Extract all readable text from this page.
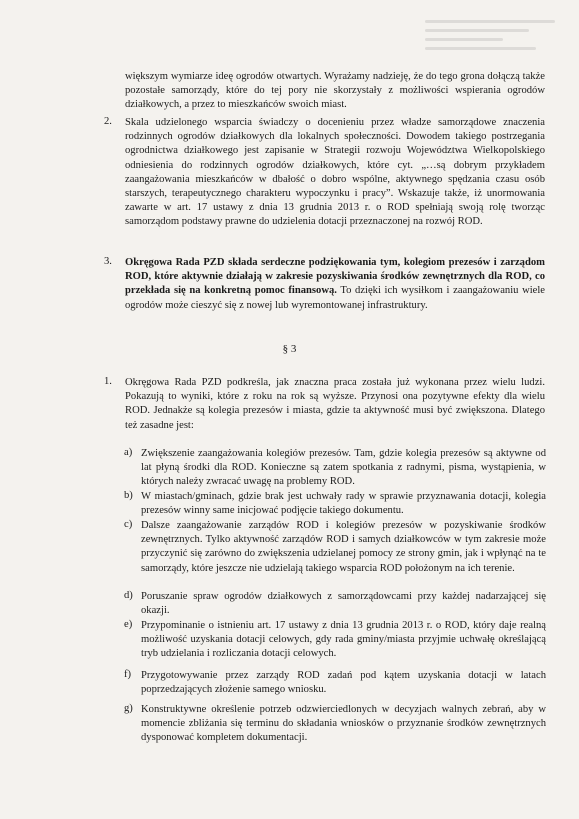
większym wymiarze ideę ogrodów otwartych. Wyrażamy nadzieję, że do tego grona dołączą także pozostałe samorządy, które do tej pory nie skorzystały z możliwości wspierania ogrodów działkowych, a przez to mieszkańców swoich miast.
2. Skala udzielonego wsparcia świadczy o docenieniu przez władze samorządowe znaczenia rodzinnych ogrodów działkowych dla lokalnych społeczności. Dowodem takiego postrzegania ogrodnictwa działkowego jest zapisanie w Strategii rozwoju Województwa Wielkopolskiego odniesienia do rodzinnych ogrodów działkowych, które cyt. „…są dobrym przykładem zaangażowania mieszkańców w dbałość o dobro wspólne, aktywnego spędzania czasu osób starszych, terapeutycznego charakteru wypoczynku i pracy”. Wskazuje także, iż unormowania zawarte w art. 17 ustawy z dnia 13 grudnia 2013 r. o ROD spełniają swoją rolę tworząc samorządom podstawy prawne do udzielenia dotacji przeznaczonej na rozwój ROD.
3. Okręgowa Rada PZD składa serdeczne podziękowania tym, kolegiom prezesów i zarządom ROD, które aktywnie działają w zakresie pozyskiwania środków zewnętrznych dla ROD, co przekłada się na konkretną pomoc finansową. To dzięki ich wysiłkom i zaangażowaniu wiele ogrodów może cieszyć się z nowej lub wyremontowanej infrastruktury.
§ 3
1. Okręgowa Rada PZD podkreśla, jak znaczna praca została już wykonana przez wielu ludzi. Pokazują to wyniki, które z roku na rok są wyższe. Przynosi ona pozytywne efekty dla wielu ROD. Jednakże są kolegia prezesów i miasta, gdzie ta aktywność musi być zwiększona. Dlatego też zasadne jest:
a) Zwiększenie zaangażowania kolegiów prezesów. Tam, gdzie kolegia prezesów są aktywne od lat płyną środki dla ROD. Konieczne są zatem spotkania z radnymi, pisma, wystąpienia, w których należy zwracać uwagę na problemy ROD.
b) W miastach/gminach, gdzie brak jest uchwały rady w sprawie przyznawania dotacji, kolegia prezesów winny same inicjować podjęcie takiego dokumentu.
c) Dalsze zaangażowanie zarządów ROD i kolegiów prezesów w pozyskiwanie środków zewnętrznych. Tylko aktywność zarządów ROD i samych działkowców w tym zakresie może przyczynić się zarówno do zwiększenia udzielanej pomocy ze strony gmin, jak i wpłynąć na te samorządy, które jeszcze nie udzielają takiego wsparcia ROD położonym na ich terenie.
d) Poruszanie spraw ogrodów działkowych z samorządowcami przy każdej nadarzającej się okazji.
e) Przypominanie o istnieniu art. 17 ustawy z dnia 13 grudnia 2013 r. o ROD, który daje realną możliwość uzyskania dotacji celowych, gdy rada gminy/miasta przyjmie uchwałę określającą tryb udzielania i rozliczania dotacji celowych.
f) Przygotowywanie przez zarządy ROD zadań pod kątem uzyskania dotacji w latach poprzedzających złożenie samego wniosku.
g) Konstruktywne określenie potrzeb odzwierciedlonych w decyzjach walnych zebrań, aby w momencie zbliżania się terminu do składania wniosków o przyznanie środków zewnętrznych dysponować kompletem dokumentacji.
